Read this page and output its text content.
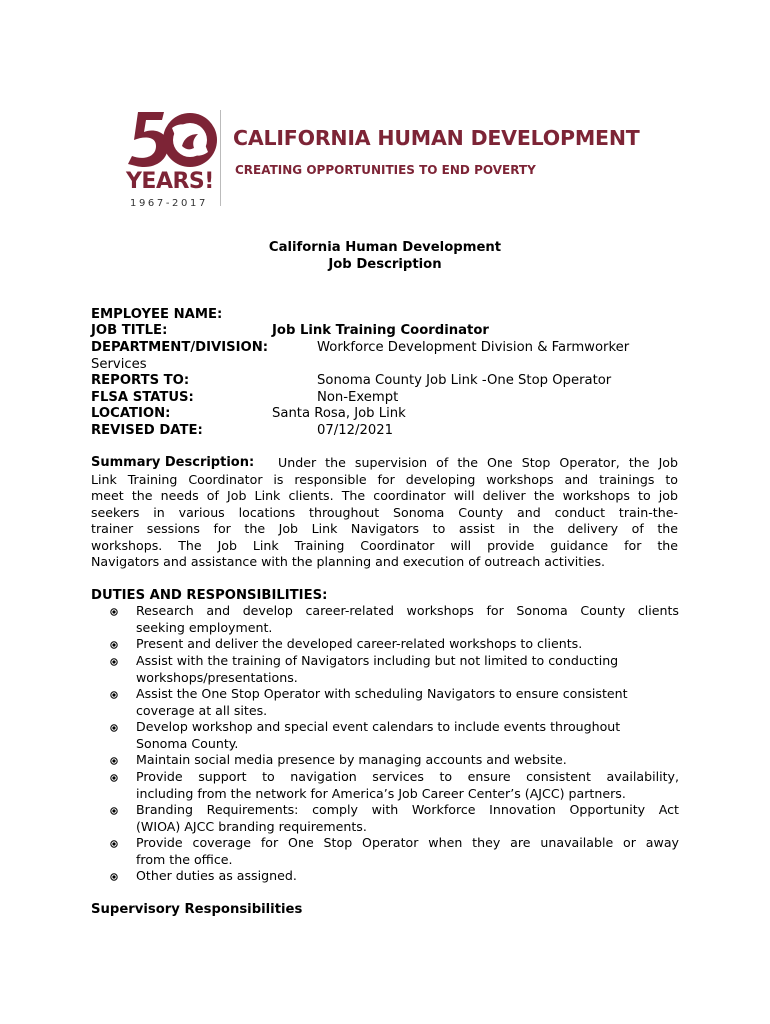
YEARS!
1967-2017
CALIFORNIA HUMAN DEVELOPMENT
CREATING OPPORTUNITIES TO END POVERTY
California Human Development
Job Description
EMPLOYEE NAME:
JOB TITLE:	Job Link Training Coordinator
DEPARTMENT/DIVISION:	Workforce Development Division & Farmworker
Services
REPORTS TO:	Sonoma County Job Link -One Stop Operator
FLSA STATUS:	Non-Exempt
LOCATION:	Santa Rosa, Job Link
REVISED DATE:	07/12/2021
Summary Description: Under the supervision of the One Stop Operator, the Job
Link Training Coordinator is responsible for developing workshops and trainings to
meet the needs of Job Link clients. The coordinator will deliver the workshops to job
seekers in various locations throughout Sonoma County and conduct train-the-
trainer sessions for the Job Link Navigators to assist in the delivery of the
workshops. The Job Link Training Coordinator will provide guidance for the
Navigators and assistance with the planning and execution of outreach activities.
DUTIES AND RESPONSIBILITIES:
Research and develop career-related workshops for Sonoma County clients
seeking employment.
Present and deliver the developed career-related workshops to clients.
Assist with the training of Navigators including but not limited to conducting
workshops/presentations.
Assist the One Stop Operator with scheduling Navigators to ensure consistent
coverage at all sites.
Develop workshop and special event calendars to include events throughout
Sonoma County.
Maintain social media presence by managing accounts and website.
Provide support to navigation services to ensure consistent availability,
including from the network for America’s Job Career Center’s (AJCC) partners.
Branding Requirements: comply with Workforce Innovation Opportunity Act
(WIOA) AJCC branding requirements.
Provide coverage for One Stop Operator when they are unavailable or away
from the office.
Other duties as assigned.
Supervisory Responsibilities
